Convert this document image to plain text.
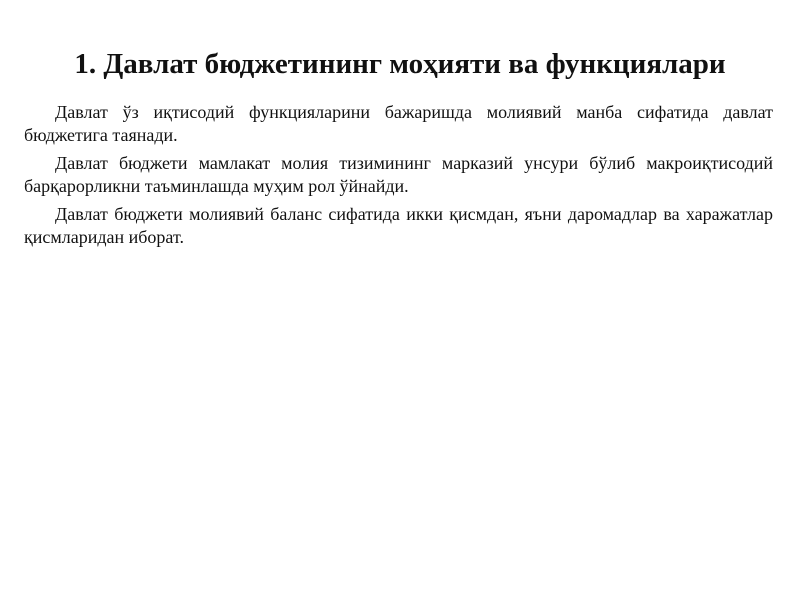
1. Давлат бюджетининг моҳияти ва функциялари

Давлат ўз иқтисодий функцияларини бажаришда молиявий манба сифатида давлат бюджетига таянади.

Давлат бюджети мамлакат молия тизимининг марказий унсури бўлиб макроиқтисодий барқарорликни таъминлашда муҳим рол ўйнайди.

Давлат бюджети молиявий баланс сифатида икки қисмдан, яъни даромадлар ва харажатлар қисмларидан иборат.
